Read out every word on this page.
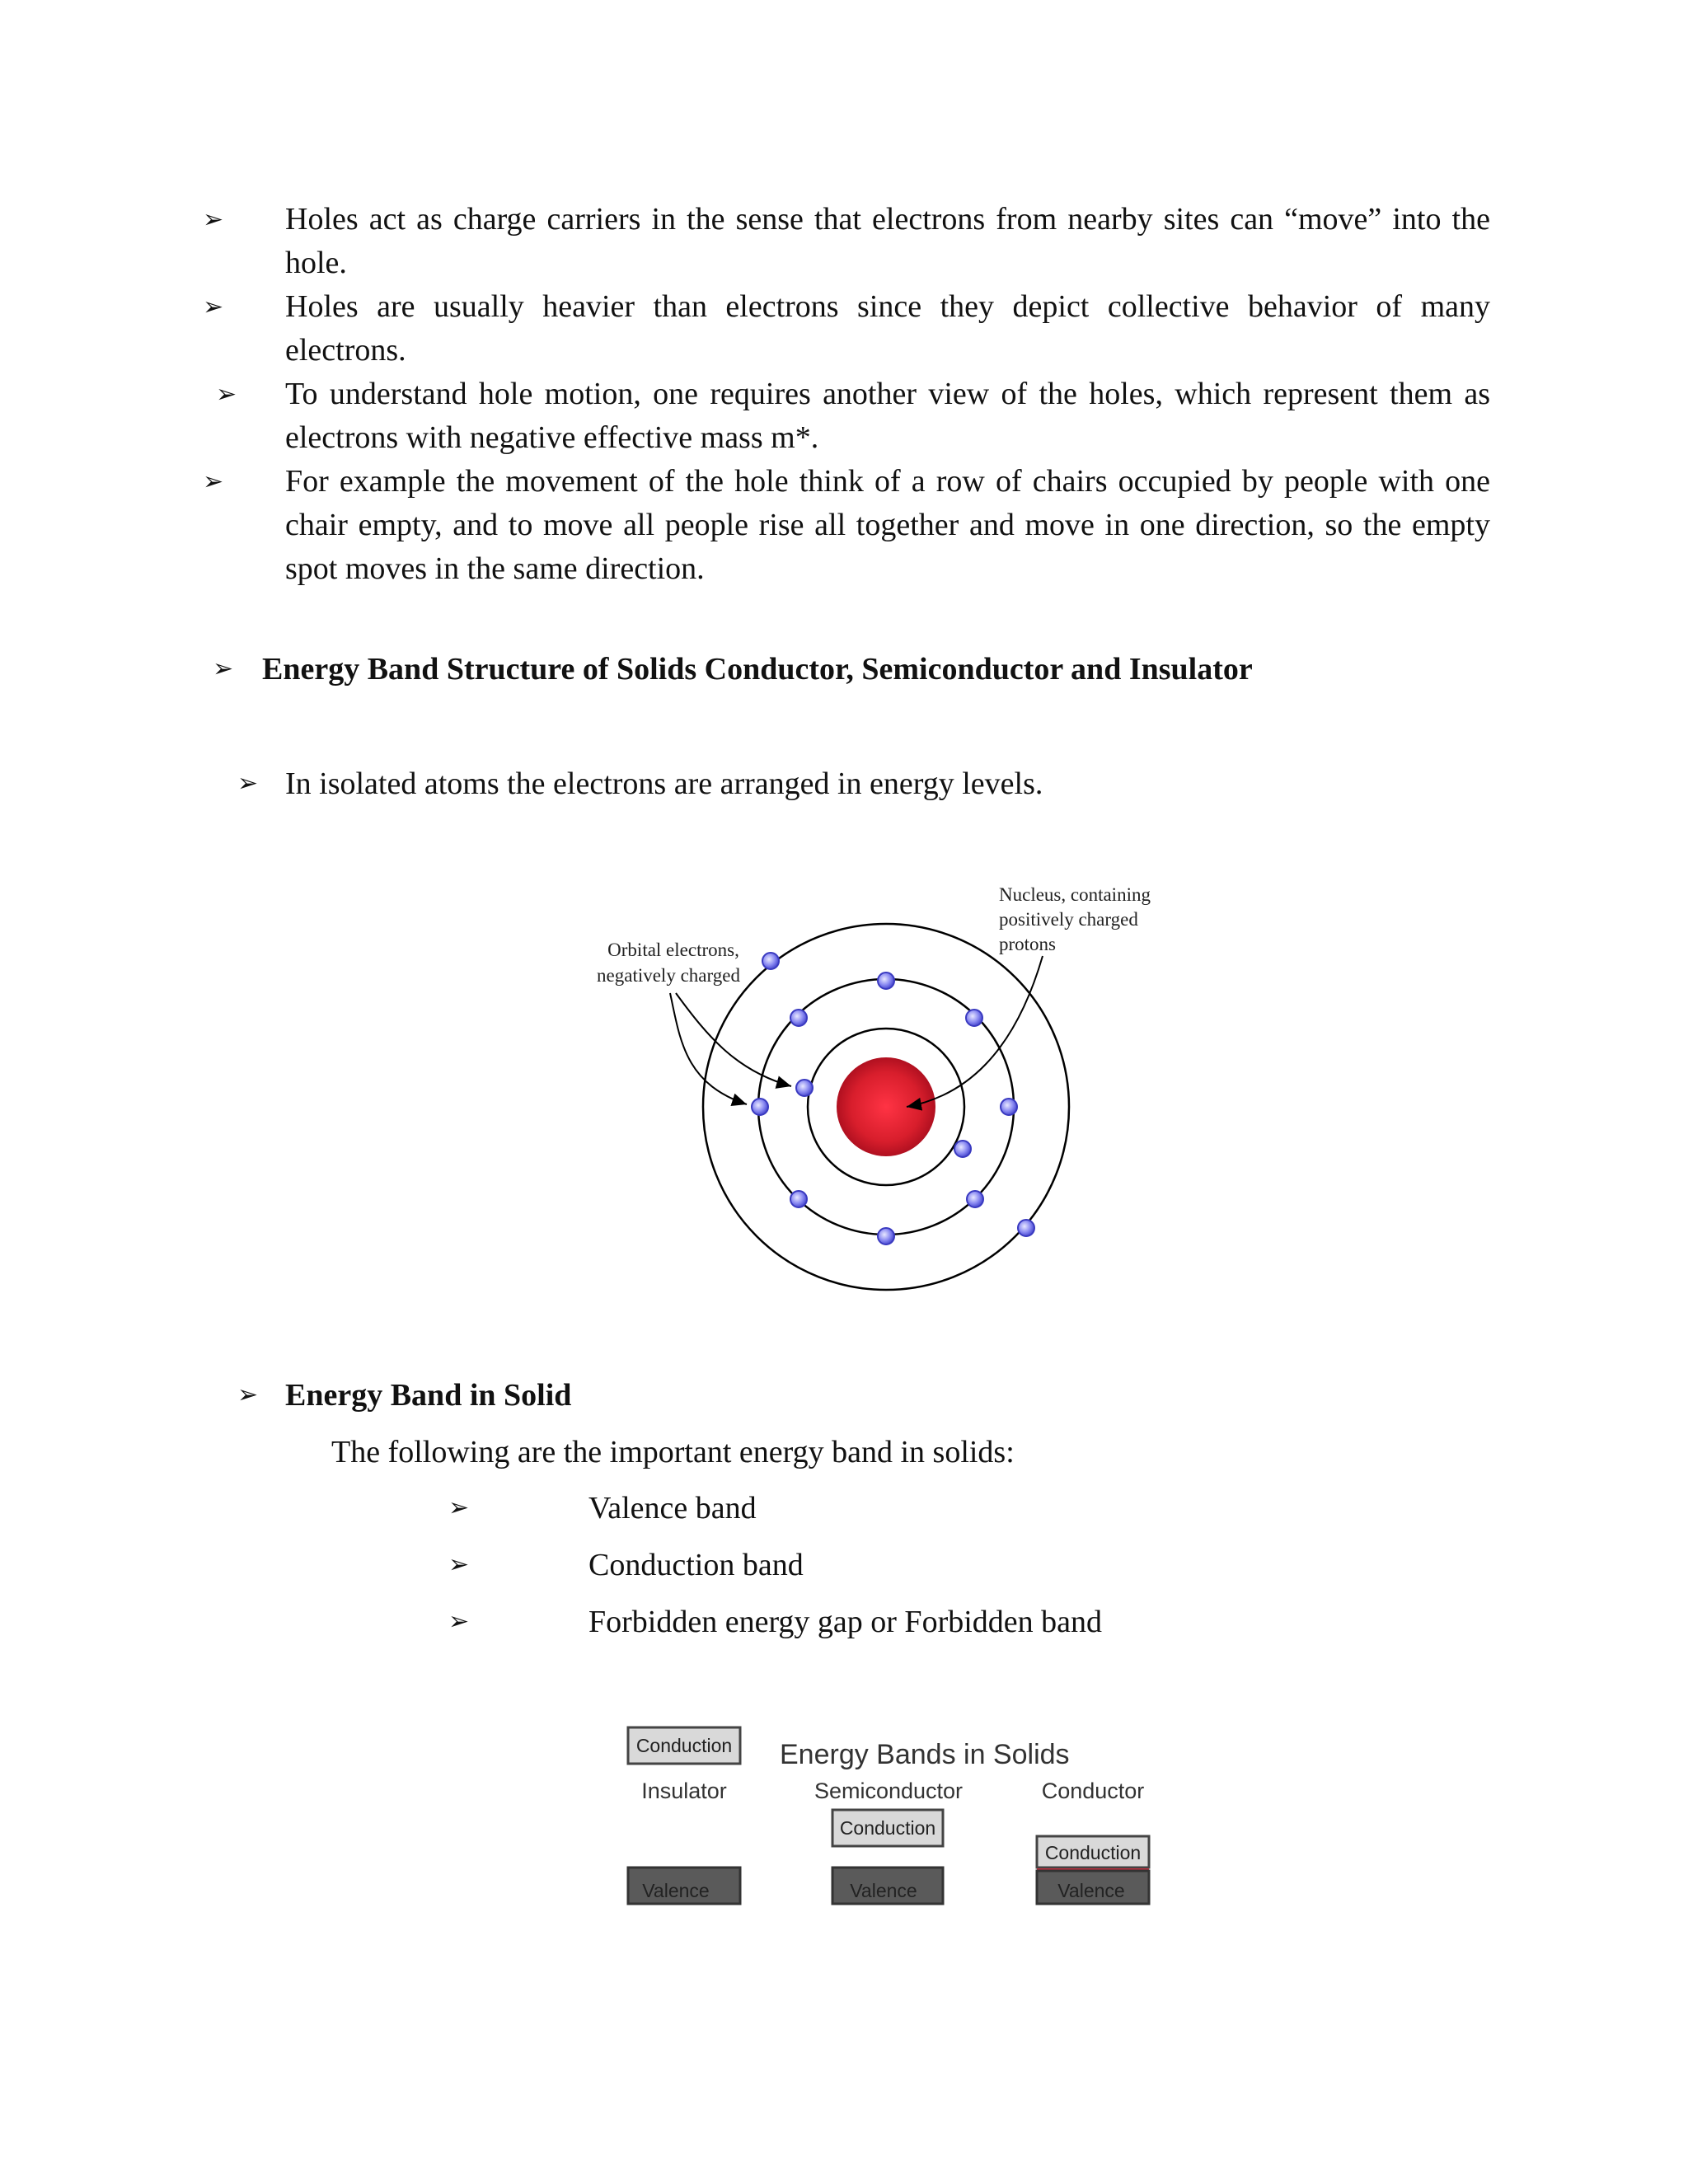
➢	Holes act as charge carriers in the sense that electrons from nearby sites can “move” into the hole.
➢	Holes are usually heavier than electrons since they depict collective behavior of many electrons.
➢	To understand hole motion, one requires another view of the holes, which represent them as electrons with negative effective mass m*.
➢	For example the movement of the hole think of a row of chairs occupied by people with one chair empty, and to move all people rise all together and move in one direction, so the empty spot moves in the same direction.
➢ Energy Band Structure of Solids Conductor, Semiconductor and Insulator
➢ In isolated atoms the electrons are arranged in energy levels.
Orbital electrons,
negatively charged
Nucleus, containing
positively charged
protons
➢ Energy Band in Solid
The following are the important energy band in solids:
➢	Valence band
➢	Conduction band
➢	Forbidden energy gap or Forbidden band
Energy Bands in Solids
Conduction
Insulator
Valence
Semiconductor
Conduction
Valence
Conductor
Conduction
Valence
